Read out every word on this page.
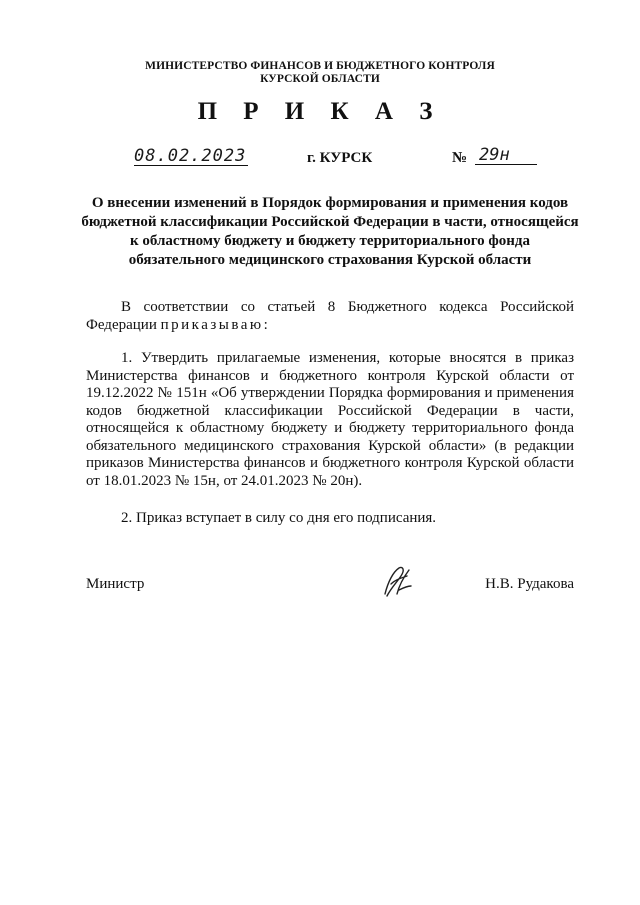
МИНИСТЕРСТВО ФИНАНСОВ И БЮДЖЕТНОГО КОНТРОЛЯ
КУРСКОЙ ОБЛАСТИ
П Р И К А З
08.02.2023	г. КУРСК	№ 29н
О внесении изменений в Порядок формирования и применения кодов бюджетной классификации Российской Федерации в части, относящейся к областному бюджету и бюджету территориального фонда обязательного медицинского страхования Курской области
В соответствии со статьей 8 Бюджетного кодекса Российской Федерации приказываю:
1. Утвердить прилагаемые изменения, которые вносятся в приказ Министерства финансов и бюджетного контроля Курской области от 19.12.2022 № 151н «Об утверждении Порядка формирования и применения кодов бюджетной классификации Российской Федерации в части, относящейся к областному бюджету и бюджету территориального фонда обязательного медицинского страхования Курской области» (в редакции приказов Министерства финансов и бюджетного контроля Курской области от 18.01.2023 № 15н, от 24.01.2023 № 20н).
2. Приказ вступает в силу со дня его подписания.
Министр	Н.В. Рудакова
